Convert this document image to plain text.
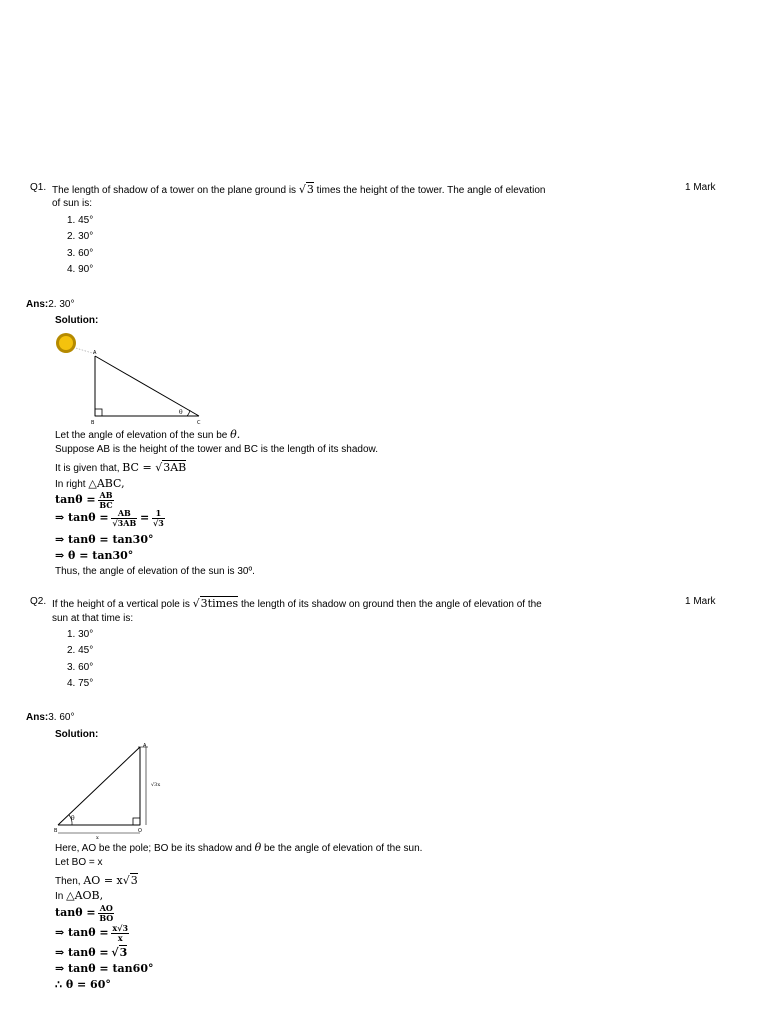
Q1. The length of shadow of a tower on the plane ground is √3 times the height of the tower. The angle of elevation	1 Mark
of sun is:
1. 45°
2. 30°
3. 60°
4. 90°
Ans:2. 30°
Solution:
A
B	C
θ
Let the angle of elevation of the sun be θ.
Suppose AB is the height of the tower and BC is the length of its shadow.
It is given that, BC = √3AB
In right △ABC,
$\tan\theta = \frac{AB}{BC}$
⇒ $\tan\theta = \frac{AB}{√3AB} = \frac{1}{√3}$
⇒ tanθ = tan30°
⇒ θ = tan30°
Thus, the angle of elevation of the sun is 30º.
Q2. If the height of a vertical pole is √3times the length of its shadow on ground then the angle of elevation of the	1 Mark
sun at that time is:
1. 30°
2. 45°
3. 60°
4. 75°
Ans:3. 60°
Solution:
A
B	O
θ
√3x
x
Here, AO be the pole; BO be its shadow and θ be the angle of elevation of the sun.
Let BO = x
Then, AO = x√3
In △AOB,
$\tan\theta = \frac{AO}{BO}$
⇒ $\tan\theta = \frac{x√3}{x}$
⇒ tanθ = √3
⇒ tanθ = tan60°
∴ θ = 60°
